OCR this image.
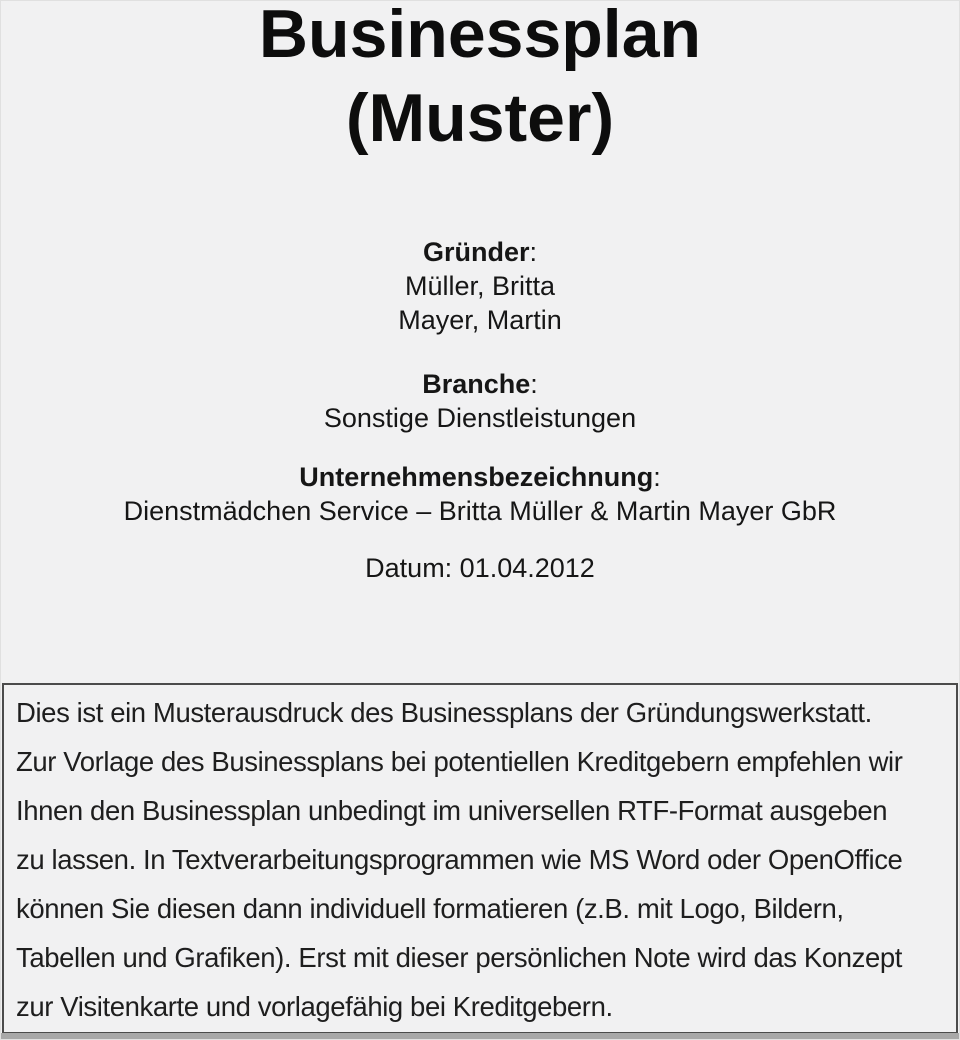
Businessplan
(Muster)
Gründer:
Müller, Britta
Mayer, Martin
Branche:
Sonstige Dienstleistungen
Unternehmensbezeichnung:
Dienstmädchen Service – Britta Müller & Martin Mayer GbR
Datum: 01.04.2012
Dies ist ein Musterausdruck des Businessplans der Gründungswerkstatt.
Zur Vorlage des Businessplans bei potentiellen Kreditgebern empfehlen wir
Ihnen den Businessplan unbedingt im universellen RTF-Format ausgeben
zu lassen. In Textverarbeitungsprogrammen wie MS Word oder OpenOffice
können Sie diesen dann individuell formatieren (z.B. mit Logo, Bildern,
Tabellen und Grafiken). Erst mit dieser persönlichen Note wird das Konzept
zur Visitenkarte und vorlagefähig bei Kreditgebern.
